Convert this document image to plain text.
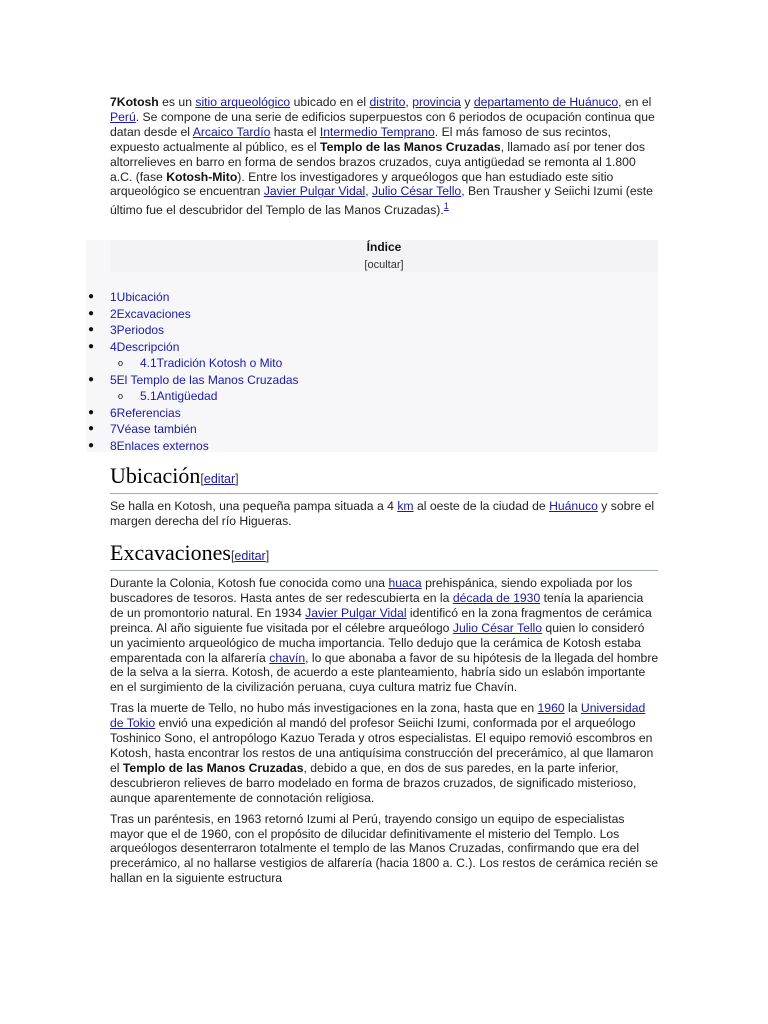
7Kotosh es un sitio arqueológico ubicado en el distrito, provincia y departamento de Huánuco, en el Perú. Se compone de una serie de edificios superpuestos con 6 periodos de ocupación continua que datan desde el Arcaico Tardío hasta el Intermedio Temprano. El más famoso de sus recintos, expuesto actualmente al público, es el Templo de las Manos Cruzadas, llamado así por tener dos altorrelieves en barro en forma de sendos brazos cruzados, cuya antigüedad se remonta al 1.800 a.C. (fase Kotosh-Mito). Entre los investigadores y arqueólogos que han estudiado este sitio arqueológico se encuentran Javier Pulgar Vidal, Julio César Tello, Ben Trausher y Seiichi Izumi (este último fue el descubridor del Templo de las Manos Cruzadas).$^1$

Índice
[ocultar]
● 1Ubicación
● 2Excavaciones
● 3Periodos
● 4Descripción
o 4.1Tradición Kotosh o Mito
● 5El Templo de las Manos Cruzadas
o 5.1Antigüedad
● 6Referencias
● 7Véase también
● 8Enlaces externos
Ubicación[editar]

Se halla en Kotosh, una pequeña pampa situada a 4 km al oeste de la ciudad de Huánuco y sobre el margen derecha del río Higueras.

Excavaciones[editar]

Durante la Colonia, Kotosh fue conocida como una huaca prehispánica, siendo expoliada por los buscadores de tesoros. Hasta antes de ser redescubierta en la década de 1930 tenía la apariencia de un promontorio natural. En 1934 Javier Pulgar Vidal identificó en la zona fragmentos de cerámica preinca. Al año siguiente fue visitada por el célebre arqueólogo Julio César Tello quien lo consideró un yacimiento arqueológico de mucha importancia. Tello dedujo que la cerámica de Kotosh estaba emparentada con la alfarería chavín, lo que abonaba a favor de su hipótesis de la llegada del hombre de la selva a la sierra. Kotosh, de acuerdo a este planteamiento, habría sido un eslabón importante en el surgimiento de la civilización peruana, cuya cultura matriz fue Chavín.

Tras la muerte de Tello, no hubo más investigaciones en la zona, hasta que en 1960 la Universidad de Tokio envió una expedición al mandó del profesor Seiichi Izumi, conformada por el arqueólogo Toshinico Sono, el antropólogo Kazuo Terada y otros especialistas. El equipo removió escombros en Kotosh, hasta encontrar los restos de una antiquísima construcción del precerámico, al que llamaron el Templo de las Manos Cruzadas, debido a que, en dos de sus paredes, en la parte inferior, descubrieron relieves de barro modelado en forma de brazos cruzados, de significado misterioso, aunque aparentemente de connotación religiosa.

Tras un paréntesis, en 1963 retornó Izumi al Perú, trayendo consigo un equipo de especialistas mayor que el de 1960, con el propósito de dilucidar definitivamente el misterio del Templo. Los arqueólogos desenterraron totalmente el templo de las Manos Cruzadas, confirmando que era del precerámico, al no hallarse vestigios de alfarería (hacia 1800 a. C.). Los restos de cerámica recién se hallan en la siguiente estructura
